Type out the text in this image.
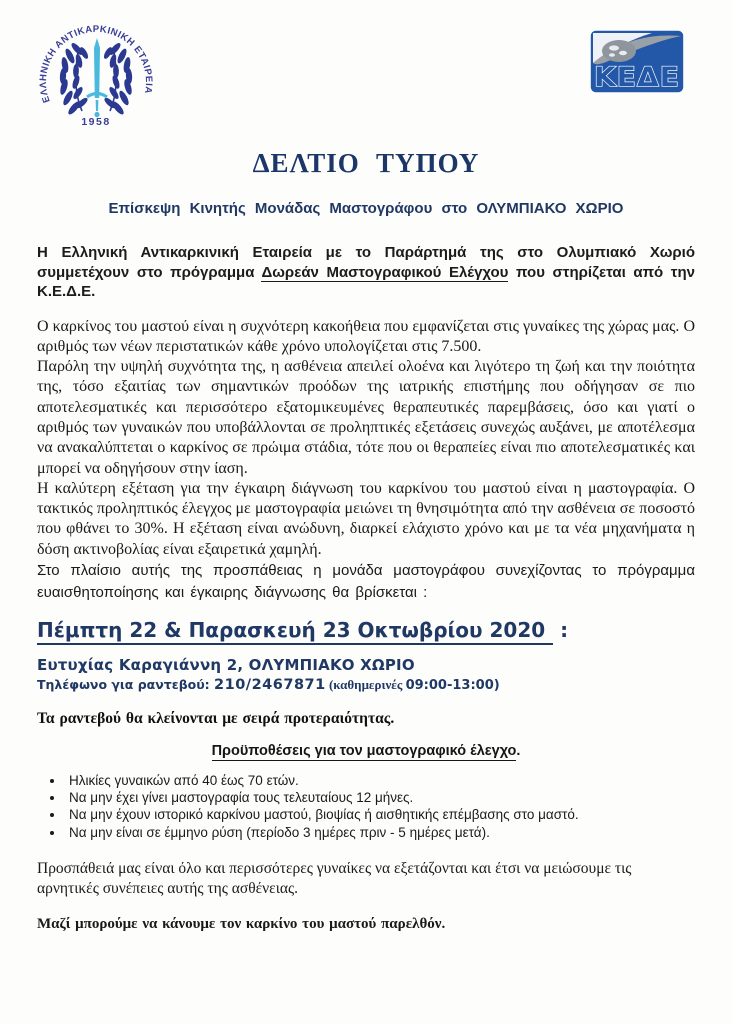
ΕΛΛΗΝΙΚΗ ΑΝΤΙΚΑΡΚΙΝΙΚΗ ΕΤΑΙΡΕΙΑ
1958
ΚΕΔΕ
ΔΕΛΤΙΟ ΤΥΠΟΥ
Επίσκεψη Κινητής Μονάδας Μαστογράφου στο ΟΛΥΜΠΙΑΚΟ ΧΩΡΙΟ

Η Ελληνική Αντικαρκινική Εταιρεία με το Παράρτημά της στο Ολυμπιακό Χωριό συμμετέχουν στο πρόγραμμα Δωρεάν Μαστογραφικού Ελέγχου που στηρίζεται από την Κ.Ε.Δ.Ε.

Ο καρκίνος του μαστού είναι η συχνότερη κακοήθεια που εμφανίζεται στις γυναίκες της χώρας μας. Ο αριθμός των νέων περιστατικών κάθε χρόνο υπολογίζεται στις 7.500.

Παρόλη την υψηλή συχνότητα της, η ασθένεια απειλεί ολοένα και λιγότερο τη ζωή και την ποιότητα της, τόσο εξαιτίας των σημαντικών προόδων της ιατρικής επιστήμης που οδήγησαν σε πιο αποτελεσματικές και περισσότερο εξατομικευμένες θεραπευτικές παρεμβάσεις, όσο και γιατί ο αριθμός των γυναικών που υποβάλλονται σε προληπτικές εξετάσεις συνεχώς αυξάνει, με αποτέλεσμα να ανακαλύπτεται ο καρκίνος σε πρώιμα στάδια, τότε που οι θεραπείες είναι πιο αποτελεσματικές και μπορεί να οδηγήσουν στην ίαση.

Η καλύτερη εξέταση για την έγκαιρη διάγνωση του καρκίνου του μαστού είναι η μαστογραφία. Ο τακτικός προληπτικός έλεγχος με μαστογραφία μειώνει τη θνησιμότητα από την ασθένεια σε ποσοστό που φθάνει το 30%. Η εξέταση είναι ανώδυνη, διαρκεί ελάχιστο χρόνο και με τα νέα μηχανήματα η δόση ακτινοβολίας είναι εξαιρετικά χαμηλή.

Στο πλαίσιο αυτής της προσπάθειας η μονάδα μαστογράφου συνεχίζοντας το πρόγραμμα ευαισθητοποίησης και έγκαιρης διάγνωσης θα βρίσκεται :

Πέμπτη 22 & Παρασκευή 23 Οκτωβρίου 2020 :
Ευτυχίας Καραγιάννη 2, ΟΛΥΜΠΙΑΚΟ ΧΩΡΙΟ
Τηλέφωνο για ραντεβού: 210/2467871 (καθημερινές 09:00-13:00)
Τα ραντεβού θα κλείνονται με σειρά προτεραιότητας.
Προϋποθέσεις για τον μαστογραφικό έλεγχο.
• Ηλικίες γυναικών από 40 έως 70 ετών.
• Να μην έχει γίνει μαστογραφία τους τελευταίους 12 μήνες.
• Να μην έχουν ιστορικό καρκίνου μαστού, βιοψίας ή αισθητικής επέμβασης στο μαστό.
• Να μην είναι σε έμμηνο ρύση (περίοδο 3 ημέρες πριν - 5 ημέρες μετά).

Προσπάθειά μας είναι όλο και περισσότερες γυναίκες να εξετάζονται και έτσι να μειώσουμε τις αρνητικές συνέπειες αυτής της ασθένειας.

Μαζί μπορούμε να κάνουμε τον καρκίνο του μαστού παρελθόν.
